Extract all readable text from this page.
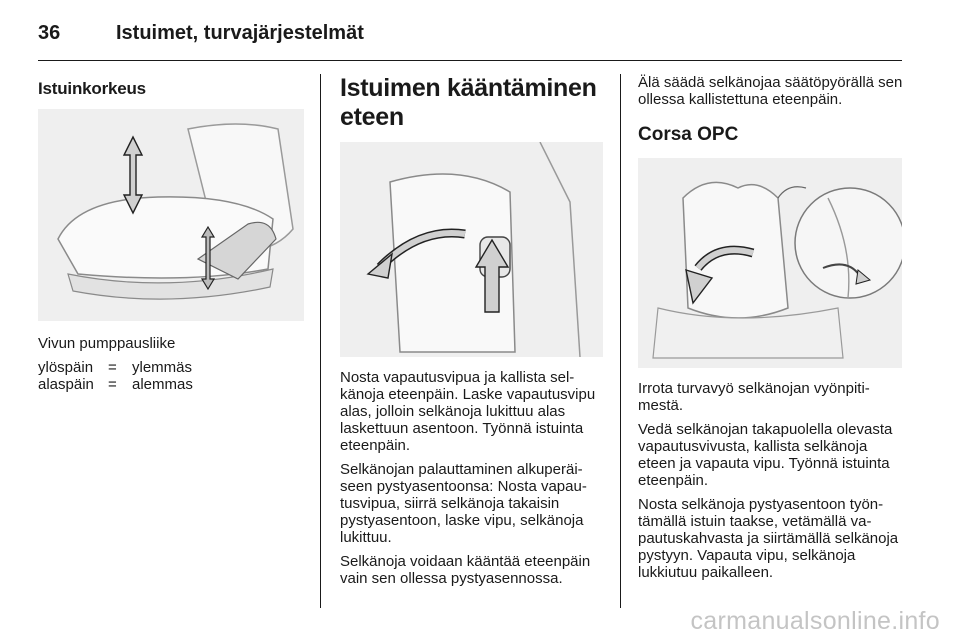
36	Istuimet, turvajärjestelmät
Istuinkorkeus

Vivun pumppausliike

ylöspäin	=	ylemmäs
alaspäin	=	alemmas
Istuimen kääntäminen eteen

Nosta vapautusvipua ja kallista selkänoja eteenpäin. Laske vapautusvipu alas, jolloin selkänoja lukittuu alas laskettuun asentoon. Työnnä istuinta eteenpäin.

Selkänojan palauttaminen alkuperäiseen pystyasentoonsa: Nosta vapautusvipua, siirrä selkänoja takaisin pystyasentoon, laske vipu, selkänoja lukittuu.

Selkänoja voidaan kääntää eteenpäin vain sen ollessa pystyasennossa.

Älä säädä selkänojaa säätöpyörällä sen ollessa kallistettuna eteenpäin.

Corsa OPC

Irrota turvavyö selkänojan vyönpitimestä.

Vedä selkänojan takapuolella olevasta vapautusvivusta, kallista selkänoja eteen ja vapauta vipu. Työnnä istuinta eteenpäin.

Nosta selkänoja pystyasentoon työntämällä istuin taakse, vetämällä vapautuskahvasta ja siirtämällä selkänoja pystyyn. Vapauta vipu, selkänoja lukkiutuu paikalleen.

carmanualsonline.info
